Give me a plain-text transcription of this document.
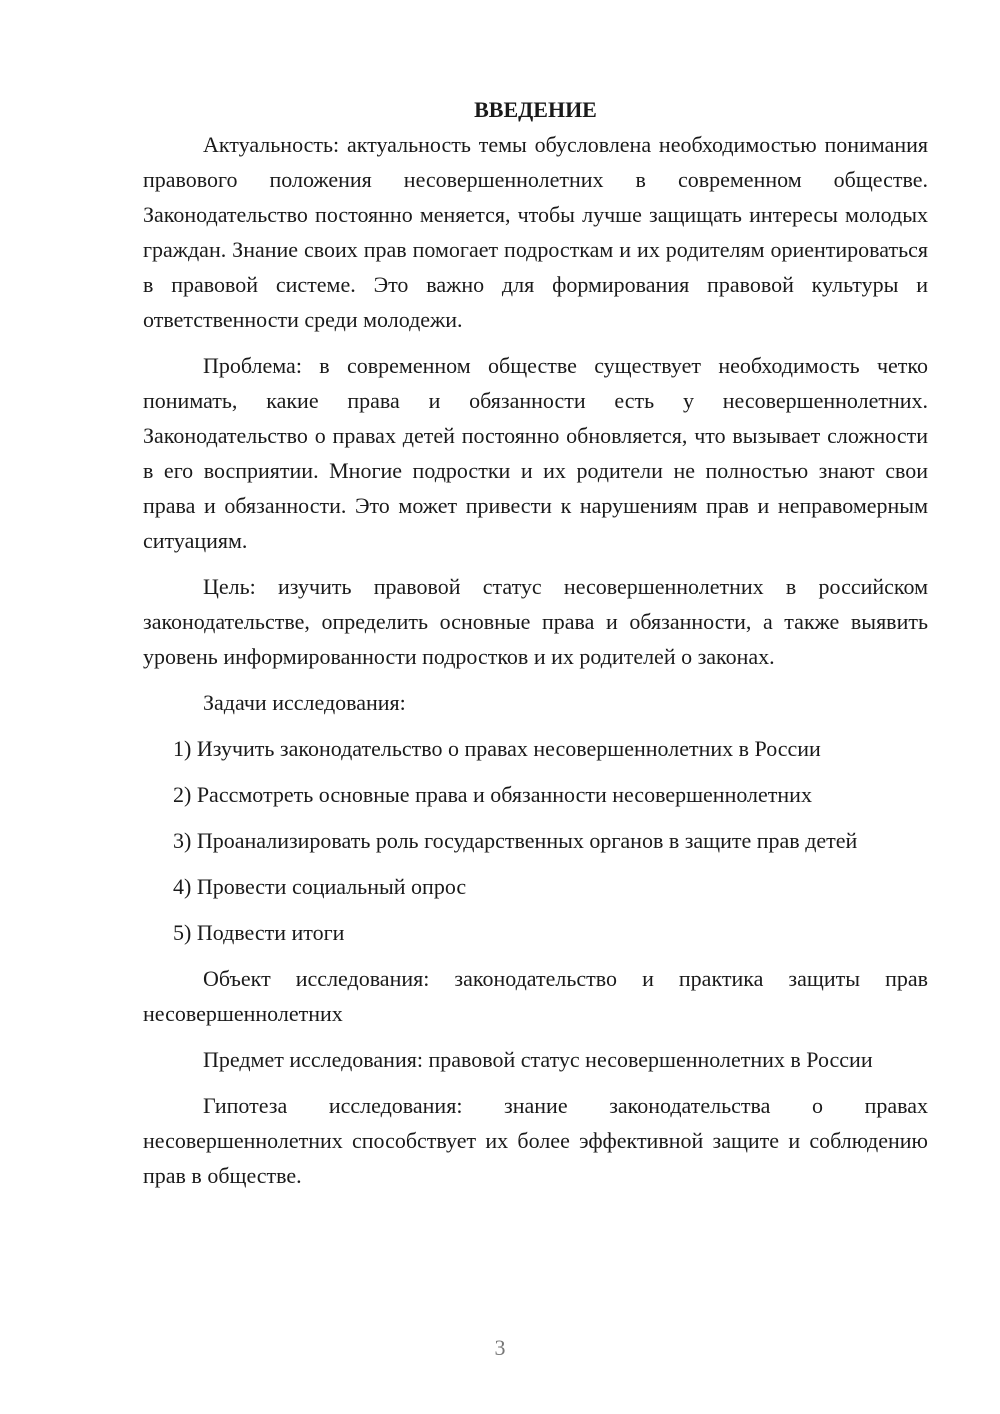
ВВЕДЕНИЕ

Актуальность: актуальность темы обусловлена необходимостью понимания правового положения несовершеннолетних в современном обществе. Законодательство постоянно меняется, чтобы лучше защищать интересы молодых граждан. Знание своих прав помогает подросткам и их родителям ориентироваться в правовой системе. Это важно для формирования правовой культуры и ответственности среди молодежи.

Проблема: в современном обществе существует необходимость четко понимать, какие права и обязанности есть у несовершеннолетних. Законодательство о правах детей постоянно обновляется, что вызывает сложности в его восприятии. Многие подростки и их родители не полностью знают свои права и обязанности. Это может привести к нарушениям прав и неправомерным ситуациям.

Цель: изучить правовой статус несовершеннолетних в российском законодательстве, определить основные права и обязанности, а также выявить уровень информированности подростков и их родителей о законах.

Задачи исследования:

1) Изучить законодательство о правах несовершеннолетних в России

2) Рассмотреть основные права и обязанности несовершеннолетних

3) Проанализировать роль государственных органов в защите прав детей

4) Провести социальный опрос

5) Подвести итоги

Объект исследования: законодательство и практика защиты прав несовершеннолетних

Предмет исследования: правовой статус несовершеннолетних в России

Гипотеза исследования: знание законодательства о правах несовершеннолетних способствует их более эффективной защите и соблюдению прав в обществе.

3
